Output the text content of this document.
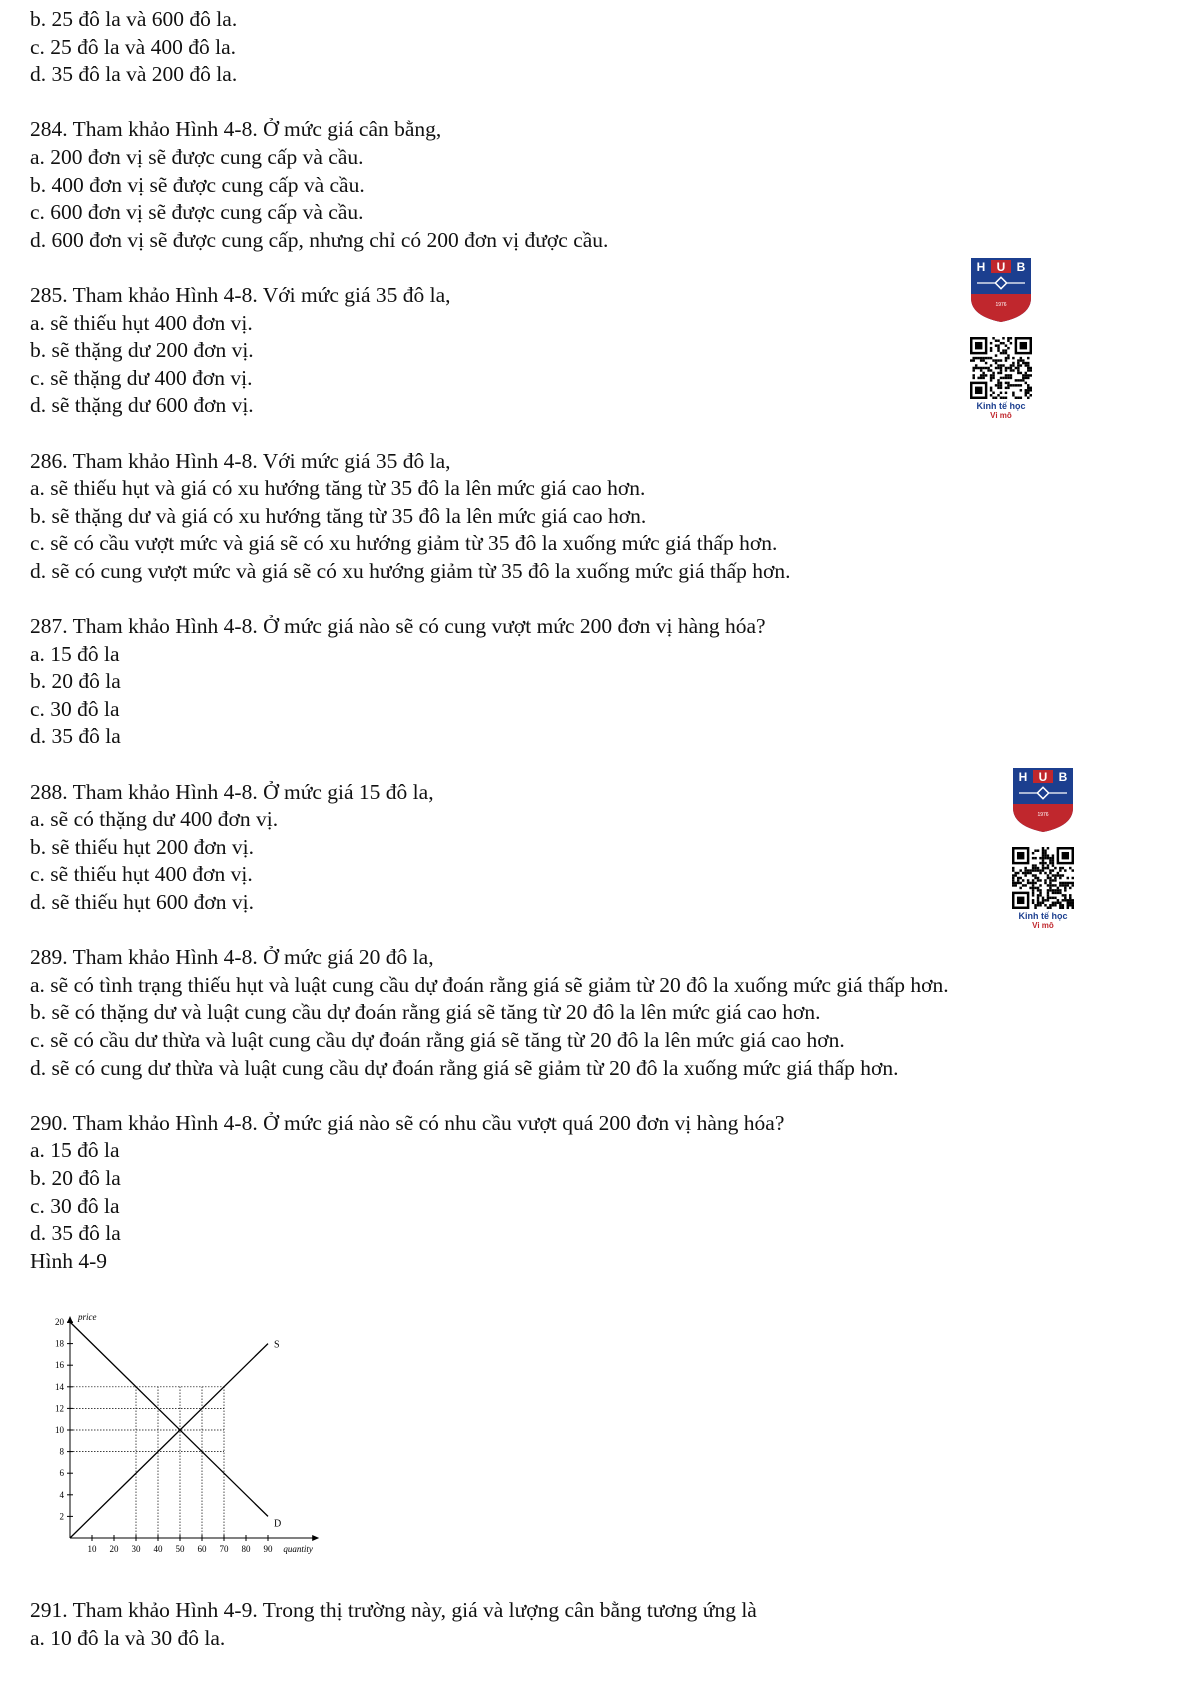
b. 25 đô la và 600 đô la.
c. 25 đô la và 400 đô la.
d. 35 đô la và 200 đô la.
284. Tham khảo Hình 4-8. Ở mức giá cân bằng,
a. 200 đơn vị sẽ được cung cấp và cầu.
b. 400 đơn vị sẽ được cung cấp và cầu.
c. 600 đơn vị sẽ được cung cấp và cầu.
d. 600 đơn vị sẽ được cung cấp, nhưng chỉ có 200 đơn vị được cầu.
285. Tham khảo Hình 4-8. Với mức giá 35 đô la,
a. sẽ thiếu hụt 400 đơn vị.
b. sẽ thặng dư 200 đơn vị.
c. sẽ thặng dư 400 đơn vị.
d. sẽ thặng dư 600 đơn vị.
286. Tham khảo Hình 4-8. Với mức giá 35 đô la,
a. sẽ thiếu hụt và giá có xu hướng tăng từ 35 đô la lên mức giá cao hơn.
b. sẽ thặng dư và giá có xu hướng tăng từ 35 đô la lên mức giá cao hơn.
c. sẽ có cầu vượt mức và giá sẽ có xu hướng giảm từ 35 đô la xuống mức giá thấp hơn.
d. sẽ có cung vượt mức và giá sẽ có xu hướng giảm từ 35 đô la xuống mức giá thấp hơn.
287. Tham khảo Hình 4-8. Ở mức giá nào sẽ có cung vượt mức 200 đơn vị hàng hóa?
a. 15 đô la
b. 20 đô la
c. 30 đô la
d. 35 đô la
288. Tham khảo Hình 4-8. Ở mức giá 15 đô la,
a. sẽ có thặng dư 400 đơn vị.
b. sẽ thiếu hụt 200 đơn vị.
c. sẽ thiếu hụt 400 đơn vị.
d. sẽ thiếu hụt 600 đơn vị.
289. Tham khảo Hình 4-8. Ở mức giá 20 đô la,
a. sẽ có tình trạng thiếu hụt và luật cung cầu dự đoán rằng giá sẽ giảm từ 20 đô la xuống mức giá thấp hơn.
b. sẽ có thặng dư và luật cung cầu dự đoán rằng giá sẽ tăng từ 20 đô la lên mức giá cao hơn.
c. sẽ có cầu dư thừa và luật cung cầu dự đoán rằng giá sẽ tăng từ 20 đô la lên mức giá cao hơn.
d. sẽ có cung dư thừa và luật cung cầu dự đoán rằng giá sẽ giảm từ 20 đô la xuống mức giá thấp hơn.
290. Tham khảo Hình 4-8. Ở mức giá nào sẽ có nhu cầu vượt quá 200 đơn vị hàng hóa?
a. 15 đô la
b. 20 đô la
c. 30 đô la
d. 35 đô la
Hình 4-9
H U B
1976
Kinh tế học
Vi mô
H U B
1976
Kinh tế học
Vi mô
2
4
6
8
10
12
14
16
18
20
10 20 30 40 50 60 70 80 90
S
D
price
quantity
291. Tham khảo Hình 4-9. Trong thị trường này, giá và lượng cân bằng tương ứng là
a. 10 đô la và 30 đô la.
